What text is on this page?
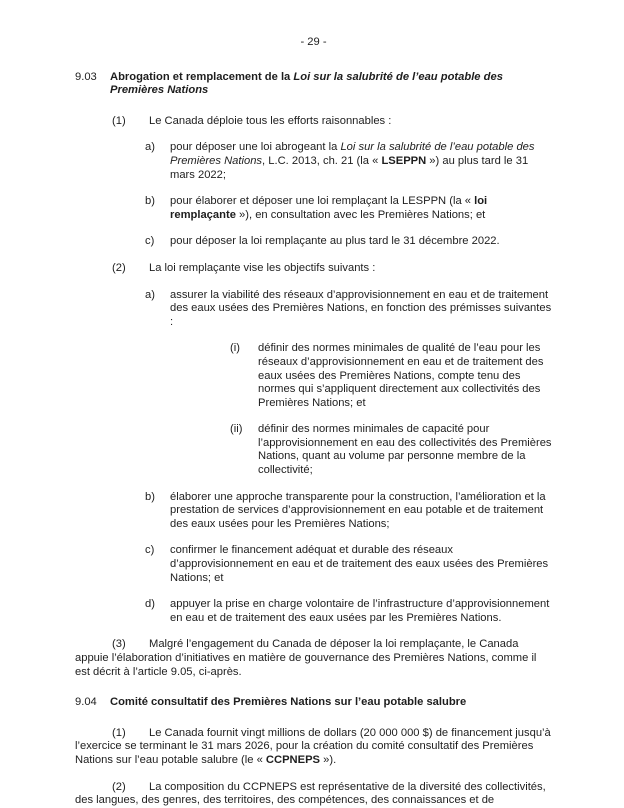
- 29 -
9.03	Abrogation et remplacement de la Loi sur la salubrité de l’eau potable des Premières Nations
(1) Le Canada déploie tous les efforts raisonnables :
a)	pour déposer une loi abrogeant la Loi sur la salubrité de l’eau potable des Premières Nations, L.C. 2013, ch. 21 (la « LSEPPN ») au plus tard le 31 mars 2022;
b)	pour élaborer et déposer une loi remplaçant la LESPPN (la « loi remplaçante »), en consultation avec les Premières Nations; et
c)	pour déposer la loi remplaçante au plus tard le 31 décembre 2022.
(2) La loi remplaçante vise les objectifs suivants :
a)	assurer la viabilité des réseaux d’approvisionnement en eau et de traitement des eaux usées des Premières Nations, en fonction des prémisses suivantes :
(i)	définir des normes minimales de qualité de l’eau pour les réseaux d’approvisionnement en eau et de traitement des eaux usées des Premières Nations, compte tenu des normes qui s’appliquent directement aux collectivités des Premières Nations; et
(ii)	définir des normes minimales de capacité pour l’approvisionnement en eau des collectivités des Premières Nations, quant au volume par personne membre de la collectivité;
b)	élaborer une approche transparente pour la construction, l’amélioration et la prestation de services d’approvisionnement en eau potable et de traitement des eaux usées pour les Premières Nations;
c)	confirmer le financement adéquat et durable des réseaux d’approvisionnement en eau et de traitement des eaux usées des Premières Nations; et
d)	appuyer la prise en charge volontaire de l’infrastructure d’approvisionnement en eau et de traitement des eaux usées par les Premières Nations.
(3) Malgré l’engagement du Canada de déposer la loi remplaçante, le Canada appuie l’élaboration d’initiatives en matière de gouvernance des Premières Nations, comme il est décrit à l’article 9.05, ci-après.
9.04	Comité consultatif des Premières Nations sur l’eau potable salubre
(1) Le Canada fournit vingt millions de dollars (20 000 000 $) de financement jusqu’à l’exercice se terminant le 31 mars 2026, pour la création du comité consultatif des Premières Nations sur l’eau potable salubre (le « CCPNEPS »).
(2) La composition du CCPNEPS est représentative de la diversité des collectivités, des langues, des genres, des territoires, des compétences, des connaissances et de
